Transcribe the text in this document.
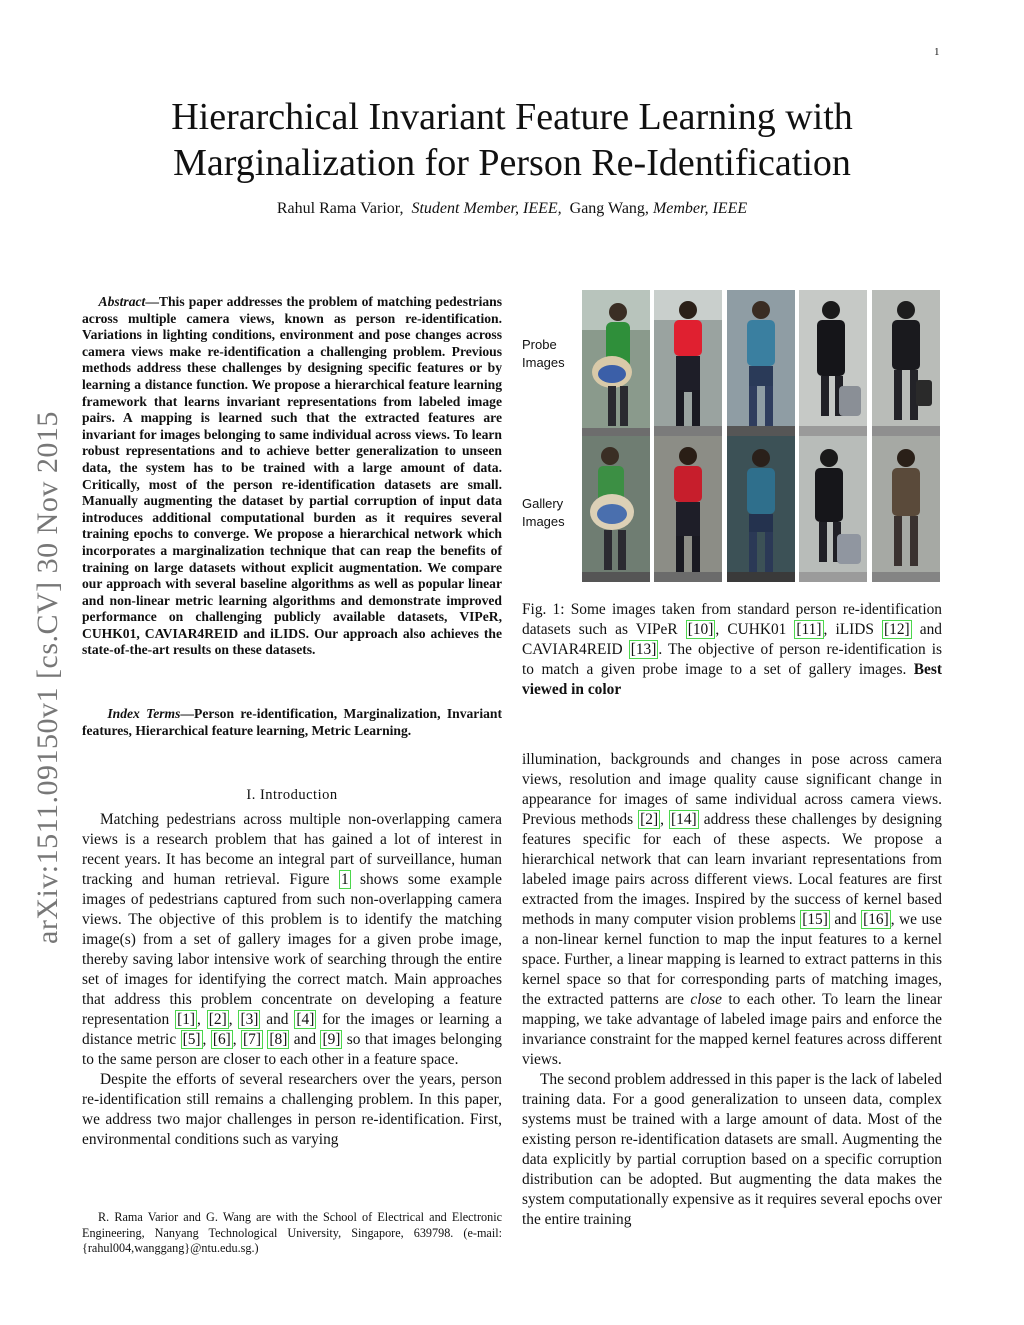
1
Hierarchical Invariant Feature Learning with
Marginalization for Person Re-Identification
Rahul Rama Varior, Student Member, IEEE, Gang Wang, Member, IEEE
arXiv:1511.09150v1 [cs.CV] 30 Nov 2015
Abstract—This paper addresses the problem of matching pedestrians across multiple camera views, known as person re-identification. Variations in lighting conditions, environment and pose changes across camera views make re-identification a challenging problem. Previous methods address these challenges by designing specific features or by learning a distance function. We propose a hierarchical feature learning framework that learns invariant representations from labeled image pairs. A mapping is learned such that the extracted features are invariant for images belonging to same individual across views. To learn robust representations and to achieve better generalization to unseen data, the system has to be trained with a large amount of data. Critically, most of the person re-identification datasets are small. Manually augmenting the dataset by partial corruption of input data introduces additional computational burden as it requires several training epochs to converge. We propose a hierarchical network which incorporates a marginalization technique that can reap the benefits of training on large datasets without explicit augmentation. We compare our approach with several baseline algorithms as well as popular linear and non-linear metric learning algorithms and demonstrate improved performance on challenging publicly available datasets, VIPeR, CUHK01, CAVIAR4REID and iLIDS. Our approach also achieves the state-of-the-art results on these datasets.
Index Terms—Person re-identification, Marginalization, Invariant features, Hierarchical feature learning, Metric Learning.
I. Introduction

Matching pedestrians across multiple non-overlapping camera views is a research problem that has gained a lot of interest in recent years. It has become an integral part of surveillance, human tracking and human retrieval. Figure 1 shows some example images of pedestrians captured from such non-overlapping camera views. The objective of this problem is to identify the matching image(s) from a set of gallery images for a given probe image, thereby saving labor intensive work of searching through the entire set of images for identifying the correct match. Main approaches that address this problem concentrate on developing a feature representation [1] , [2] , [3] and [4] for the images or learning a distance metric [5] , [6] , [7] [8] and [9] so that images belonging to the same person are closer to each other in a feature space.

Despite the efforts of several researchers over the years, person re-identification still remains a challenging problem. In this paper, we address two major challenges in person re-identification. First, environmental conditions such as varying

R. Rama Varior and G. Wang are with the School of Electrical and Electronic Engineering, Nanyang Technological University, Singapore, 639798. (e-mail: {rahul004,wanggang}@ntu.edu.sg.)
Probe
Images
Gallery
Images
Fig. 1: Some images taken from standard person re-identification datasets such as VIPeR [10] , CUHK01 [11] , iLIDS [12] and CAVIAR4REID [13] . The objective of person re-identification is to match a given probe image to a set of gallery images. Best viewed in color

illumination, backgrounds and changes in pose across camera views, resolution and image quality cause significant change in appearance for images of same individual across camera views. Previous methods [2] , [14] address these challenges by designing features specific for each of these aspects. We propose a hierarchical network that can learn invariant representations from labeled image pairs across different views. Local features are first extracted from the images. Inspired by the success of kernel based methods in many computer vision problems [15] and [16] , we use a non-linear kernel function to map the input features to a kernel space. Further, a linear mapping is learned to extract patterns in this kernel space so that for corresponding parts of matching images, the extracted patterns are close to each other. To learn the linear mapping, we take advantage of labeled image pairs and enforce the invariance constraint for the mapped kernel features across different views.

The second problem addressed in this paper is the lack of labeled training data. For a good generalization to unseen data, complex systems must be trained with a large amount of data. Most of the existing person re-identification datasets are small. Augmenting the data explicitly by partial corruption based on a specific corruption distribution can be adopted. But augmenting the data makes the system computationally expensive as it requires several epochs over the entire training
